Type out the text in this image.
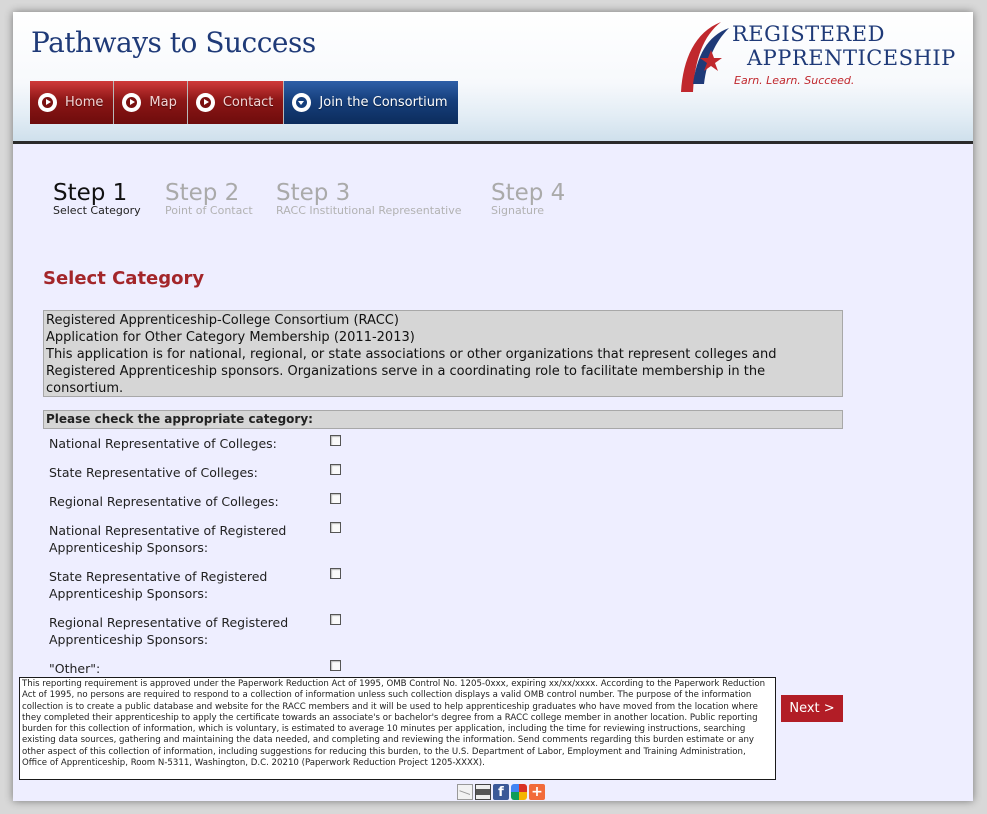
Pathways to Success	REGISTERED
APPRENTICESHIP
Earn. Learn. Succeed.
Home	Map	Contact	Join the Consortium
Step 1
Select Category
Step 2
Point of Contact
Step 3
RACC Institutional Representative
Step 4
Signature
Select Category
Registered Apprenticeship-College Consortium (RACC)
Application for Other Category Membership (2011-2013)
This application is for national, regional, or state associations or other organizations that represent colleges and Registered Apprenticeship sponsors. Organizations serve in a coordinating role to facilitate membership in the consortium.
Please check the appropriate category:
National Representative of Colleges:
State Representative of Colleges:
Regional Representative of Colleges:
National Representative of Registered Apprenticeship Sponsors:
State Representative of Registered Apprenticeship Sponsors:
Regional Representative of Registered Apprenticeship Sponsors:
"Other":
This reporting requirement is approved under the Paperwork Reduction Act of 1995, OMB Control No. 1205-0xxx, expiring xx/xx/xxxx. According to the Paperwork Reduction Act of 1995, no persons are required to respond to a collection of information unless such collection displays a valid OMB control number. The purpose of the information collection is to create a public database and website for the RACC members and it will be used to help apprenticeship graduates who have moved from the location where they completed their apprenticeship to apply the certificate towards an associate's or bachelor's degree from a RACC college member in another location. Public reporting burden for this collection of information, which is voluntary, is estimated to average 10 minutes per application, including the time for reviewing instructions, searching existing data sources, gathering and maintaining the data needed, and completing and reviewing the information. Send comments regarding this burden estimate or any other aspect of this collection of information, including suggestions for reducing this burden, to the U.S. Department of Labor, Employment and Training Administration, Office of Apprenticeship, Room N-5311, Washington, D.C. 20210 (Paperwork Reduction Project 1205-XXXX).
Next >
f	+
